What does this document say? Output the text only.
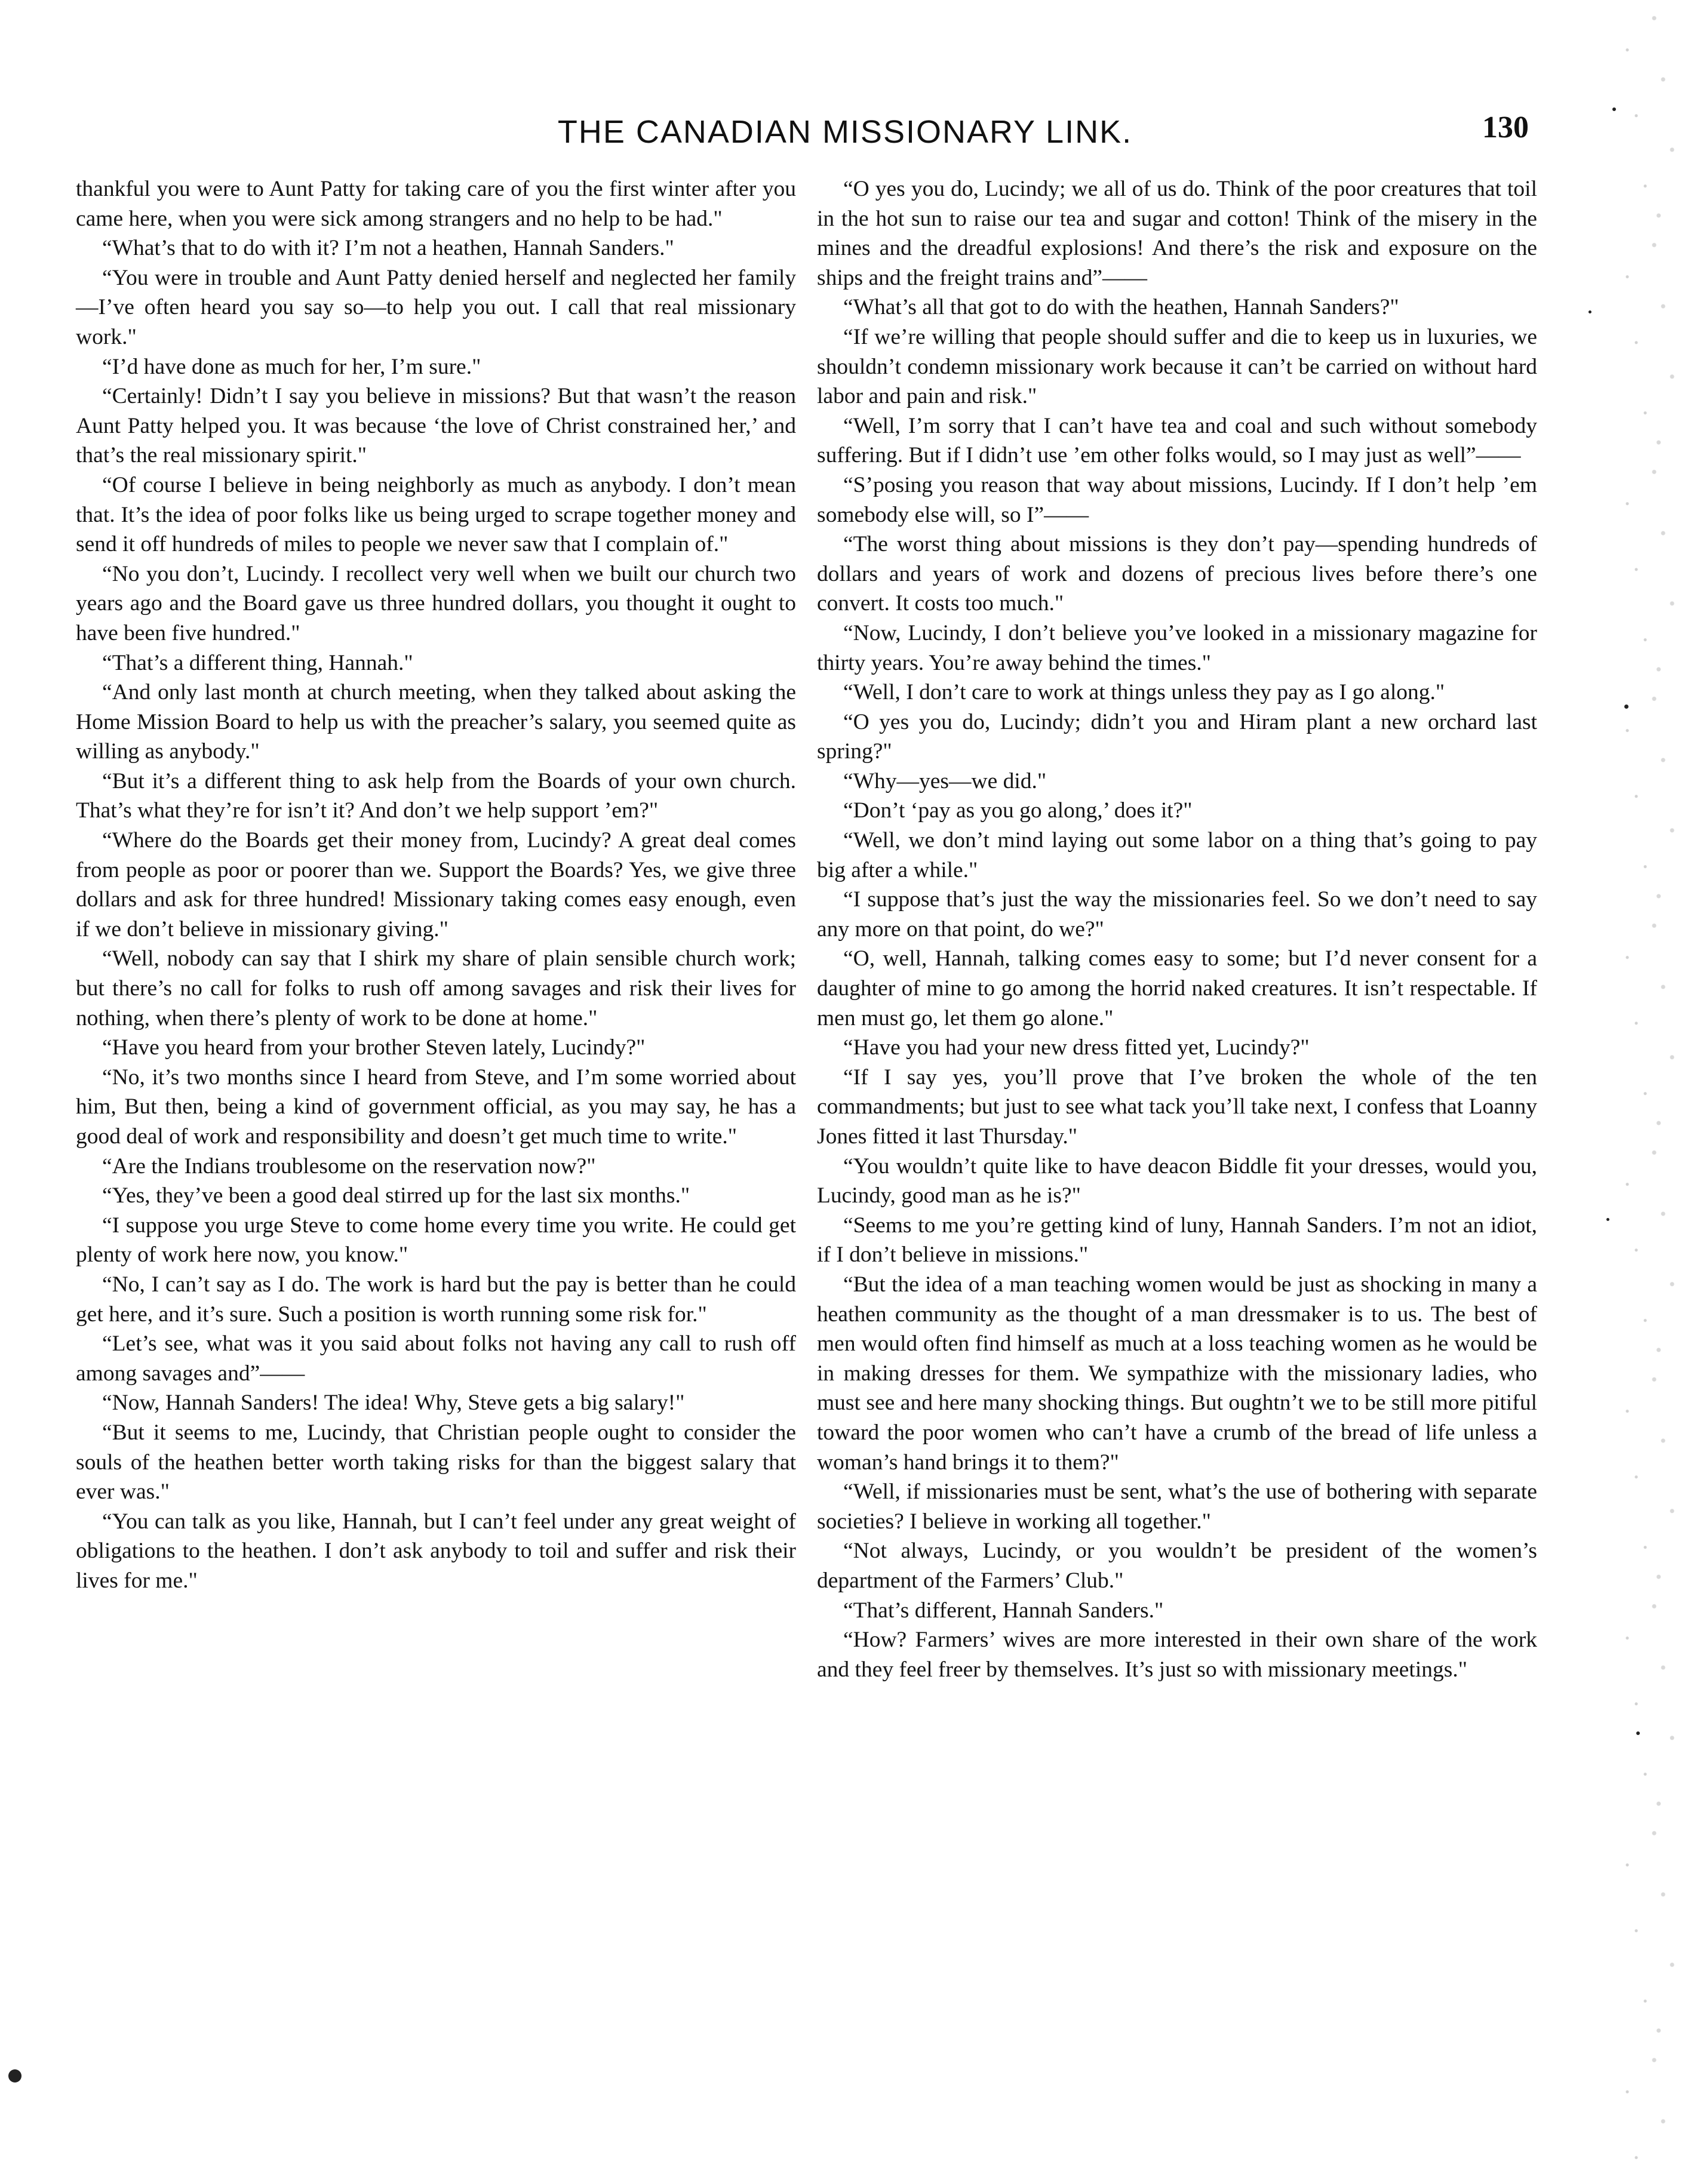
THE CANADIAN MISSIONARY LINK.	130

thankful you were to Aunt Patty for taking care of you the first winter after you came here, when you were sick among strangers and no help to be had."

“What’s that to do with it? I’m not a heathen, Hannah Sanders."

“You were in trouble and Aunt Patty denied herself and neglected her family—I’ve often heard you say so—to help you out. I call that real missionary work."

“I’d have done as much for her, I’m sure."

“Certainly! Didn’t I say you believe in missions? But that wasn’t the reason Aunt Patty helped you. It was because ‘the love of Christ constrained her,’ and that’s the real missionary spirit."

“Of course I believe in being neighborly as much as anybody. I don’t mean that. It’s the idea of poor folks like us being urged to scrape together money and send it off hundreds of miles to people we never saw that I complain of."

“No you don’t, Lucindy. I recollect very well when we built our church two years ago and the Board gave us three hundred dollars, you thought it ought to have been five hundred."

“That’s a different thing, Hannah."

“And only last month at church meeting, when they talked about asking the Home Mission Board to help us with the preacher’s salary, you seemed quite as willing as anybody."

“But it’s a different thing to ask help from the Boards of your own church. That’s what they’re for isn’t it? And don’t we help support ’em?"

“Where do the Boards get their money from, Lucindy? A great deal comes from people as poor or poorer than we. Support the Boards? Yes, we give three dollars and ask for three hundred! Missionary taking comes easy enough, even if we don’t believe in missionary giving."

“Well, nobody can say that I shirk my share of plain sensible church work; but there’s no call for folks to rush off among savages and risk their lives for nothing, when there’s plenty of work to be done at home."

“Have you heard from your brother Steven lately, Lucindy?"

“No, it’s two months since I heard from Steve, and I’m some worried about him, But then, being a kind of government official, as you may say, he has a good deal of work and responsibility and doesn’t get much time to write."

“Are the Indians troublesome on the reservation now?"

“Yes, they’ve been a good deal stirred up for the last six months."

“I suppose you urge Steve to come home every time you write. He could get plenty of work here now, you know."

“No, I can’t say as I do. The work is hard but the pay is better than he could get here, and it’s sure. Such a position is worth running some risk for."

“Let’s see, what was it you said about folks not having any call to rush off among savages and”——

“Now, Hannah Sanders! The idea! Why, Steve gets a big salary!"

“But it seems to me, Lucindy, that Christian people ought to consider the souls of the heathen better worth taking risks for than the biggest salary that ever was."

“You can talk as you like, Hannah, but I can’t feel under any great weight of obligations to the heathen. I don’t ask anybody to toil and suffer and risk their lives for me."

“O yes you do, Lucindy; we all of us do. Think of the poor creatures that toil in the hot sun to raise our tea and sugar and cotton! Think of the misery in the mines and the dreadful explosions! And there’s the risk and exposure on the ships and the freight trains and”——

“What’s all that got to do with the heathen, Hannah Sanders?"

“If we’re willing that people should suffer and die to keep us in luxuries, we shouldn’t condemn missionary work because it can’t be carried on without hard labor and pain and risk."

“Well, I’m sorry that I can’t have tea and coal and such without somebody suffering. But if I didn’t use ’em other folks would, so I may just as well”——

“S’posing you reason that way about missions, Lucindy. If I don’t help ’em somebody else will, so I”——

“The worst thing about missions is they don’t pay—spending hundreds of dollars and years of work and dozens of precious lives before there’s one convert. It costs too much."

“Now, Lucindy, I don’t believe you’ve looked in a missionary magazine for thirty years. You’re away behind the times."

“Well, I don’t care to work at things unless they pay as I go along."

“O yes you do, Lucindy; didn’t you and Hiram plant a new orchard last spring?"

“Why—yes—we did."

“Don’t ‘pay as you go along,’ does it?"

“Well, we don’t mind laying out some labor on a thing that’s going to pay big after a while."

“I suppose that’s just the way the missionaries feel. So we don’t need to say any more on that point, do we?"

“O, well, Hannah, talking comes easy to some; but I’d never consent for a daughter of mine to go among the horrid naked creatures. It isn’t respectable. If men must go, let them go alone."

“Have you had your new dress fitted yet, Lucindy?"

“If I say yes, you’ll prove that I’ve broken the whole of the ten commandments; but just to see what tack you’ll take next, I confess that Loanny Jones fitted it last Thursday."

“You wouldn’t quite like to have deacon Biddle fit your dresses, would you, Lucindy, good man as he is?"

“Seems to me you’re getting kind of luny, Hannah Sanders. I’m not an idiot, if I don’t believe in missions."

“But the idea of a man teaching women would be just as shocking in many a heathen community as the thought of a man dressmaker is to us. The best of men would often find himself as much at a loss teaching women as he would be in making dresses for them. We sympathize with the missionary ladies, who must see and here many shocking things. But oughtn’t we to be still more pitiful toward the poor women who can’t have a crumb of the bread of life unless a woman’s hand brings it to them?"

“Well, if missionaries must be sent, what’s the use of bothering with separate societies? I believe in working all together."

“Not always, Lucindy, or you wouldn’t be president of the women’s department of the Farmers’ Club."

“That’s different, Hannah Sanders."

“How? Farmers’ wives are more interested in their own share of the work and they feel freer by themselves. It’s just so with missionary meetings."
